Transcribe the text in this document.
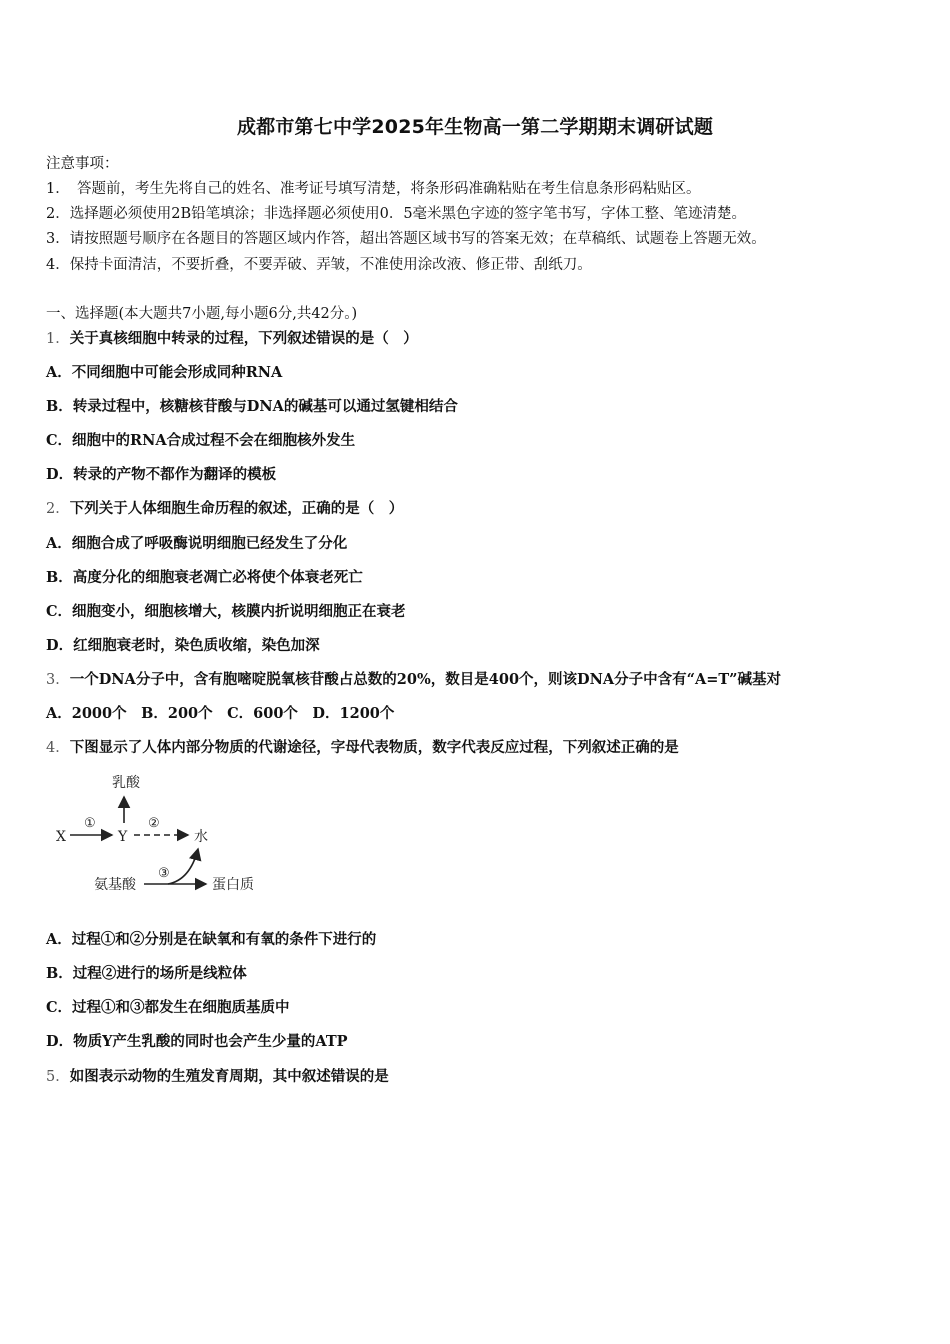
成都市第七中学2025年生物高一第二学期期末调研试题
注意事项：
1．　答题前，考生先将自己的姓名、准考证号填写清楚，将条形码准确粘贴在考生信息条形码粘贴区。
2．选择题必须使用2B铅笔填涂；非选择题必须使用0．5毫米黑色字迹的签字笔书写，字体工整、笔迹清楚。
3．请按照题号顺序在各题目的答题区域内作答，超出答题区域书写的答案无效；在草稿纸、试题卷上答题无效。
4．保持卡面清洁，不要折叠，不要弄破、弄皱，不准使用涂改液、修正带、刮纸刀。
一、选择题(本大题共7小题,每小题6分,共42分。)
1．关于真核细胞中转录的过程，下列叙述错误的是（　）
A．不同细胞中可能会形成同种RNA
B．转录过程中，核糖核苷酸与DNA的碱基可以通过氢键相结合
C．细胞中的RNA合成过程不会在细胞核外发生
D．转录的产物不都作为翻译的模板
2．下列关于人体细胞生命历程的叙述，正确的是（　）
A．细胞合成了呼吸酶说明细胞已经发生了分化
B．高度分化的细胞衰老凋亡必将使个体衰老死亡
C．细胞变小，细胞核增大，核膜内折说明细胞正在衰老
D．红细胞衰老时，染色质收缩，染色加深
3．一个DNA分子中，含有胞嘧啶脱氧核苷酸占总数的20%，数目是400个，则该DNA分子中含有“A=T”碱基对
A．2000个　B．200个　C．600个　D．1200个
4．下图显示了人体内部分物质的代谢途径，字母代表物质，数字代表反应过程，下列叙述正确的是
乳酸
X	Y	水
氨基酸	蛋白质
①	②
③
A．过程①和②分别是在缺氧和有氧的条件下进行的
B．过程②进行的场所是线粒体
C．过程①和③都发生在细胞质基质中
D．物质Y产生乳酸的同时也会产生少量的ATP
5．如图表示动物的生殖发育周期，其中叙述错误的是
